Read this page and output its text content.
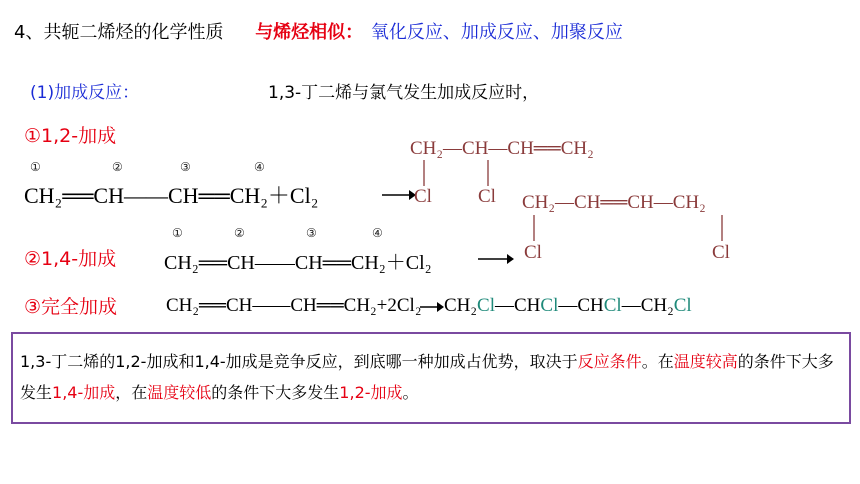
4、共轭二烯烃的化学性质 与烯烃相似： 氧化反应、加成反应、加聚反应
(1)加成反应：	1,3-丁二烯与氯气发生加成反应时，
①1,2-加成
①	②	③	④
CH₂══CH——CH══CH₂＋Cl₂
CH₂—CH—CH══CH₂
Cl Cl
①	②	③	④
②1,4-加成 CH₂══CH——CH══CH₂＋Cl₂
CH₂—CH══CH—CH₂
Cl	Cl
③完全加成	CH₂══CH——CH══CH₂+2Cl₂ → CH₂Cl—CHCl—CHCl—CH₂Cl
1,3-丁二烯的1,2-加成和1,4-加成是竞争反应，到底哪一种加成占优势，取决于反应条件。在温度较高的条件下大多发生1,4-加成，在温度较低的条件下大多发生1,2-加成。
